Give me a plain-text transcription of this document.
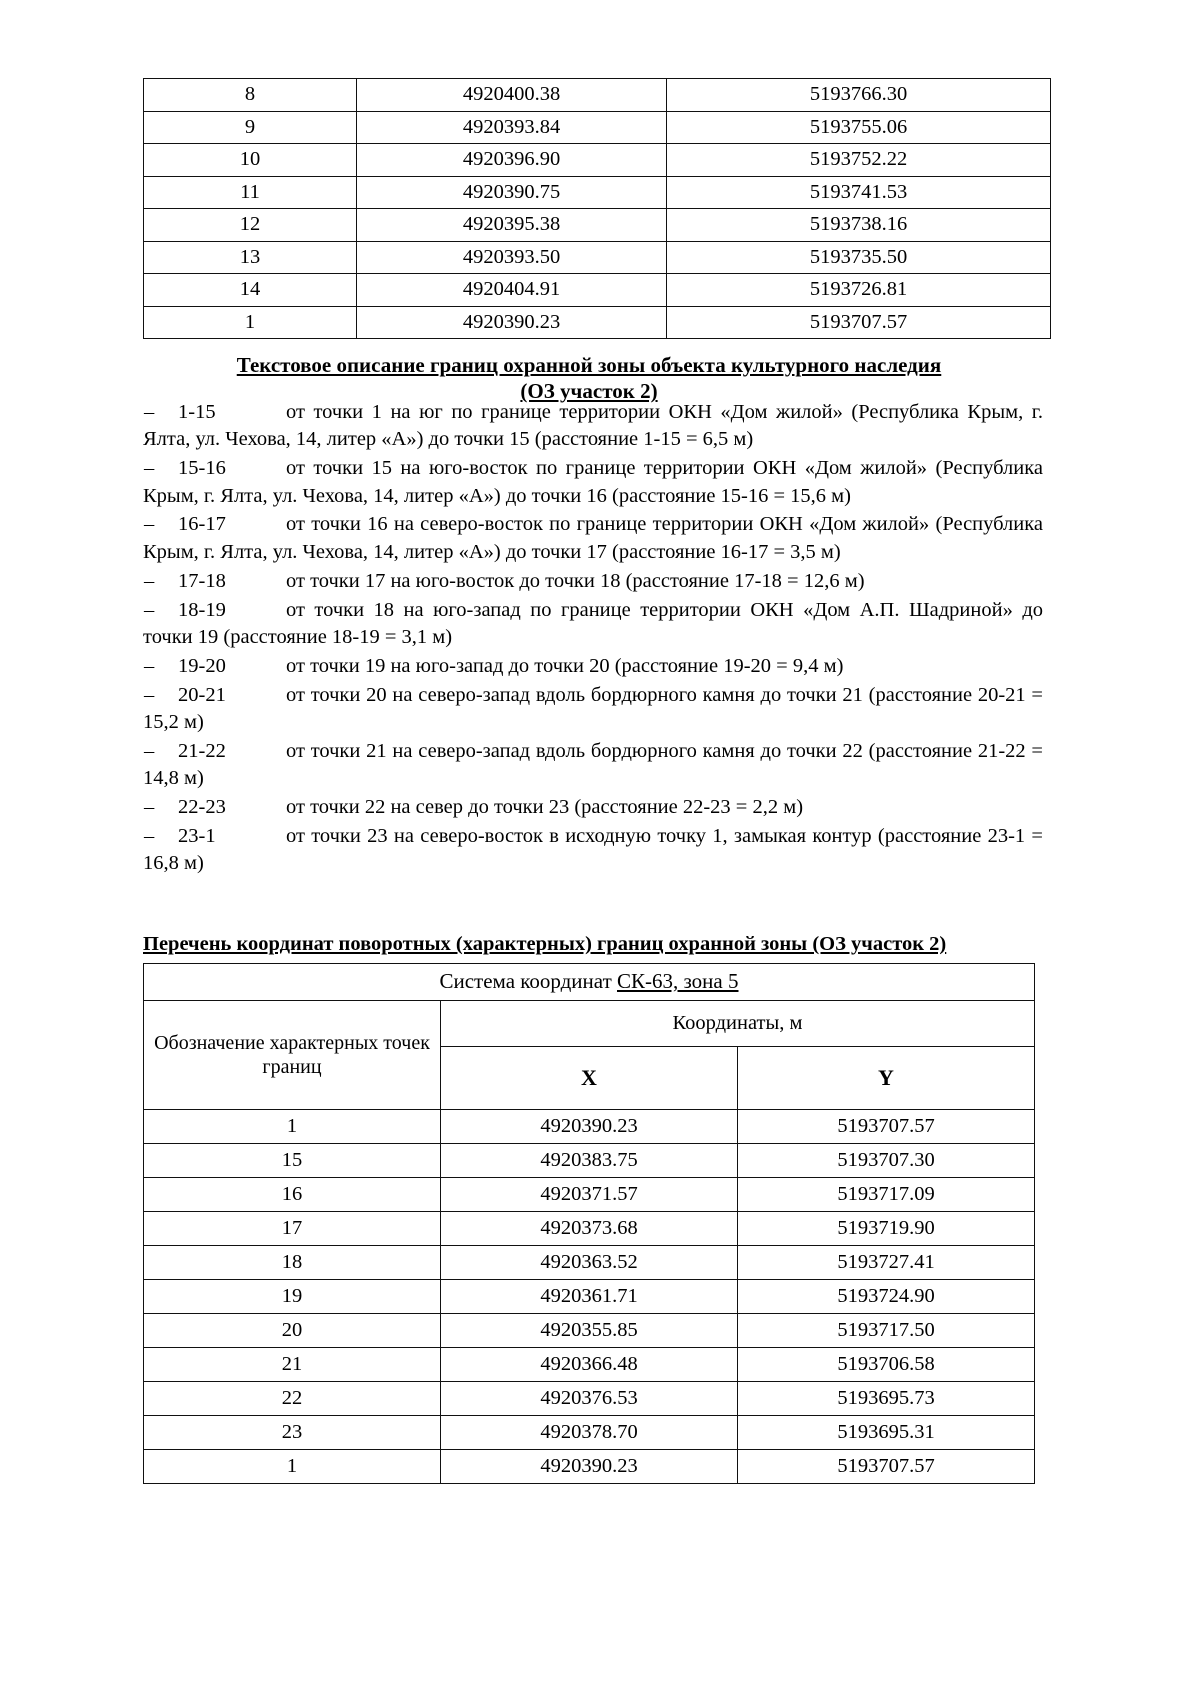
8	4920400.38	5193766.30
9	4920393.84	5193755.06
10	4920396.90	5193752.22
11	4920390.75	5193741.53
12	4920395.38	5193738.16
13	4920393.50	5193735.50
14	4920404.91	5193726.81
1	4920390.23	5193707.57
Текстовое описание границ охранной зоны объекта культурного наследия
(ОЗ участок 2)
– 1-15	от точки 1 на юг по границе территории ОКН «Дом жилой» (Республика Крым, г. Ялта, ул. Чехова, 14, литер «А») до точки 15 (расстояние 1-15 = 6,5 м)
– 15-16	от точки 15 на юго-восток по границе территории ОКН «Дом жилой» (Республика Крым, г. Ялта, ул. Чехова, 14, литер «А») до точки 16 (расстояние 15-16 = 15,6 м)
– 16-17	от точки 16 на северо-восток по границе территории ОКН «Дом жилой» (Республика Крым, г. Ялта, ул. Чехова, 14, литер «А») до точки 17 (расстояние 16-17 = 3,5 м)
– 17-18	от точки 17 на юго-восток до точки 18 (расстояние 17-18 = 12,6 м)
– 18-19	от точки 18 на юго-запад по границе территории ОКН «Дом А.П. Шадриной» до точки 19 (расстояние 18-19 = 3,1 м)
– 19-20	от точки 19 на юго-запад до точки 20 (расстояние 19-20 = 9,4 м)
– 20-21	от точки 20 на северо-запад вдоль бордюрного камня до точки 21 (расстояние 20-21 = 15,2 м)
– 21-22	от точки 21 на северо-запад вдоль бордюрного камня до точки 22 (расстояние 21-22 = 14,8 м)
– 22-23	от точки 22 на север до точки 23 (расстояние 22-23 = 2,2 м)
– 23-1	от точки 23 на северо-восток в исходную точку 1, замыкая контур (расстояние 23-1 = 16,8 м)
Перечень координат поворотных (характерных) границ охранной зоны (ОЗ участок 2)
Система координат СК-63, зона 5		
Обозначение характерных точек границ	Координаты, м	
	X	Y
1	4920390.23	5193707.57
15	4920383.75	5193707.30
16	4920371.57	5193717.09
17	4920373.68	5193719.90
18	4920363.52	5193727.41
19	4920361.71	5193724.90
20	4920355.85	5193717.50
21	4920366.48	5193706.58
22	4920376.53	5193695.73
23	4920378.70	5193695.31
1	4920390.23	5193707.57
